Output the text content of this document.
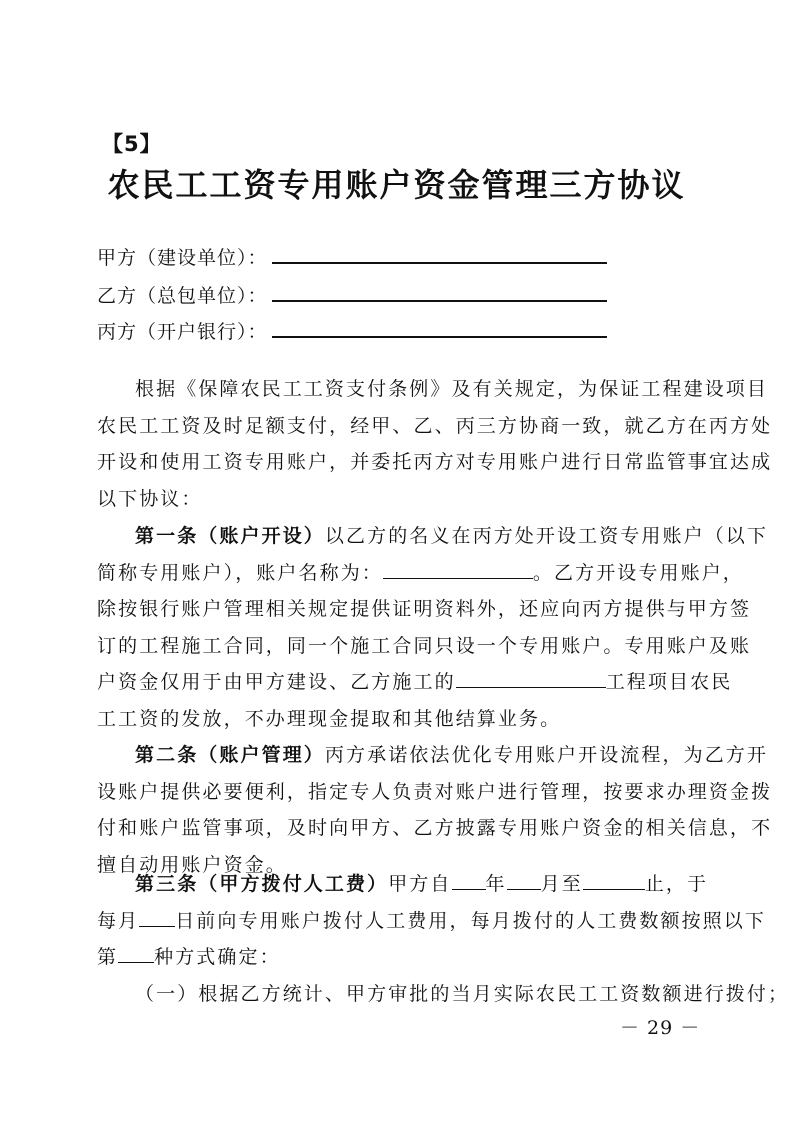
【5】
农民工工资专用账户资金管理三方协议
甲方（建设单位）：
乙方（总包单位）：
丙方（开户银行）：
根据《保障农民工工资支付条例》及有关规定，为保证工程建设项目
农民工工资及时足额支付，经甲、乙、丙三方协商一致，就乙方在丙方处
开设和使用工资专用账户，并委托丙方对专用账户进行日常监管事宜达成
以下协议：
第一条（账户开设）以乙方的名义在丙方处开设工资专用账户（以下
简称专用账户），账户名称为：	。乙方开设专用账户，
除按银行账户管理相关规定提供证明资料外，还应向丙方提供与甲方签
订的工程施工合同，同一个施工合同只设一个专用账户。专用账户及账
户资金仅用于由甲方建设、乙方施工的	工程项目农民
工工资的发放，不办理现金提取和其他结算业务。
第二条（账户管理）丙方承诺依法优化专用账户开设流程，为乙方开
设账户提供必要便利，指定专人负责对账户进行管理，按要求办理资金拨
付和账户监管事项，及时向甲方、乙方披露专用账户资金的相关信息，不
擅自动用账户资金。
第三条（甲方拨付人工费）甲方自 年 月至	止，于
每月 日前向专用账户拨付人工费用，每月拨付的人工费数额按照以下
第 种方式确定：
（一）根据乙方统计、甲方审批的当月实际农民工工资数额进行拨付；
－ 29 －
